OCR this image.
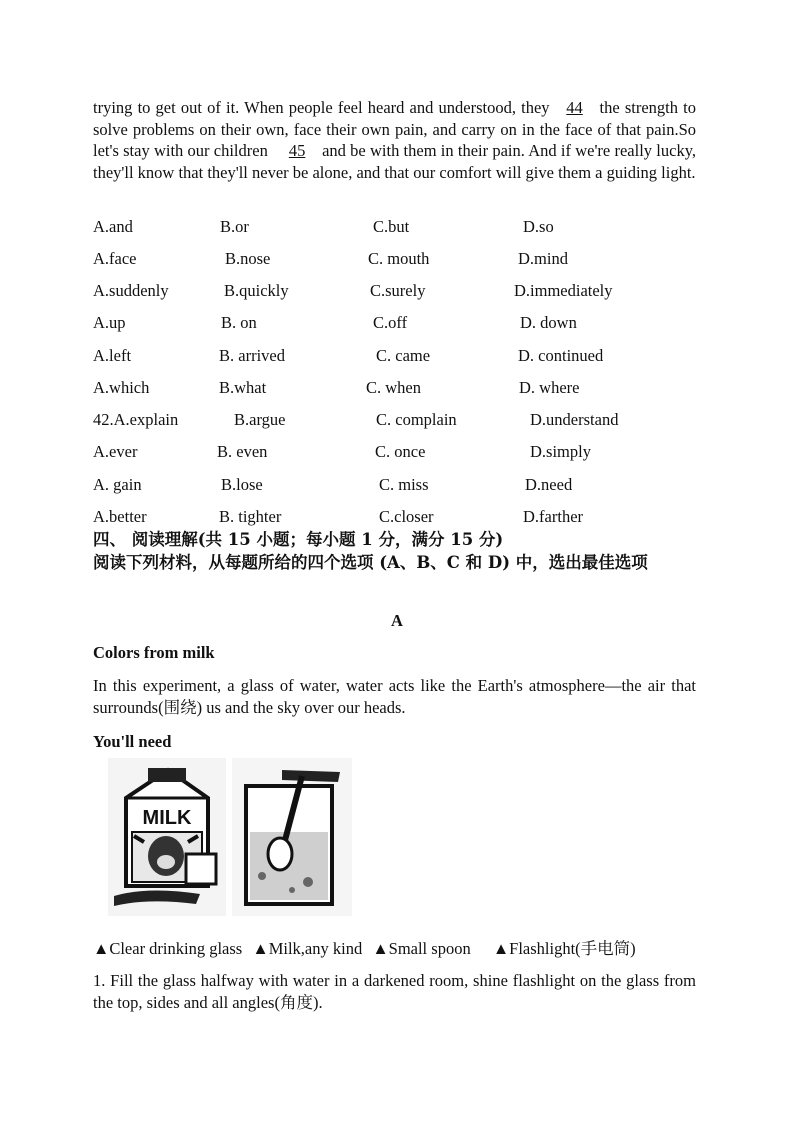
trying to get out of it. When people feel heard and understood, they 44 the strength to solve problems on their own, face their own pain, and carry on in the face of that pain.So let's stay with our children 45 and be with them in their pain. And if we're really lucky, they'll know that they'll never be alone, and that our comfort will give them a guiding light.
A.and	B.or	C.but	D.so
A.face	B.nose	C. mouth	D.mind
A.suddenly	B.quickly	C.surely	D.immediately
A.up	B. on	C.off	D. down
A.left	B. arrived	C. came	D. continued
A.which	B.what	C. when	D. where
42.A.explain	B.argue	C. complain	D.understand
A.ever	B. even	C. once	D.simply
A. gain	B.lose	C. miss	D.need
A.better	B. tighter	C.closer	D.farther
四、 阅读理解(共 15 小题；每小题 1 分，满分 15 分)
阅读下列材料，从每题所给的四个选项 (A、B、C 和 D) 中，选出最佳选项
A
Colors from milk
In this experiment, a glass of water, water acts like the Earth's atmosphere—the air that surrounds(围绕) us and the sky over our heads.
You'll need
MILK
▲Clear drinking glass ▲Milk,any kind ▲Small spoon ▲Flashlight(手电筒)
1. Fill the glass halfway with water in a darkened room, shine flashlight on the glass from the top, sides and all angles(角度).
